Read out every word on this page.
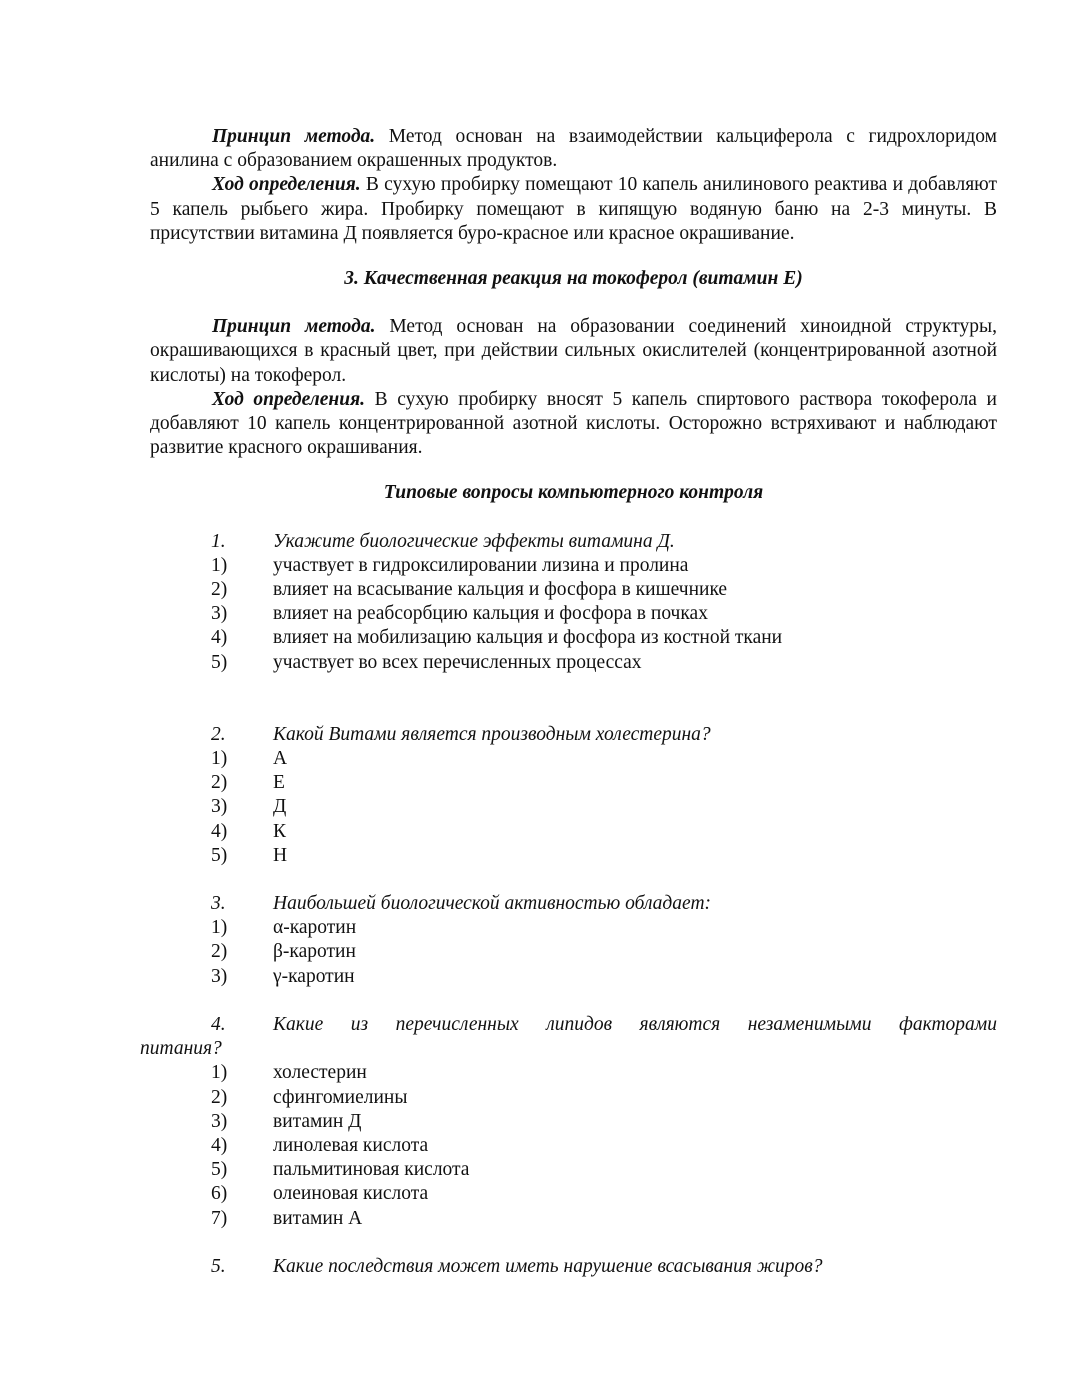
Принцип метода. Метод основан на взаимодействии кальциферола с гидрохлоридом анилина с образованием окрашенных продуктов.

Ход определения. В сухую пробирку помещают 10 капель анилинового реактива и добавляют 5 капель рыбьего жира. Пробирку помещают в кипящую водяную баню на 2-3 минуты. В присутствии витамина Д появляется буро-красное или красное окрашивание.

3. Качественная реакция на токоферол (витамин Е)

Принцип метода. Метод основан на образовании соединений хиноидной структуры, окрашивающихся в красный цвет, при действии сильных окислителей (концентрированной азотной кислоты) на токоферол.

Ход определения. В сухую пробирку вносят 5 капель спиртового раствора токоферола и добавляют 10 капель концентрированной азотной кислоты. Осторожно встряхивают и наблюдают развитие красного окрашивания.

Типовые вопросы компьютерного контроля

1.	Укажите биологические эффекты витамина Д.
1)	участвует в гидроксилировании лизина и пролина
2)	влияет на всасывание кальция и фосфора в кишечнике
3)	влияет на реабсорбцию кальция и фосфора в почках
4)	влияет на мобилизацию кальция и фосфора из костной ткани
5)	участвует во всех перечисленных процессах
2.	Какой Витами является производным холестерина?
1)	А
2)	Е
3)	Д
4)	К
5)	Н
3.	Наибольшей биологической активностью обладает:
1)	α-каротин
2)	β-каротин
3)	γ-каротин
4.	Какие из перечисленных липидов являются незаменимыми факторами
питания?
1)	холестерин
2)	сфингомиелины
3)	витамин Д
4)	линолевая кислота
5)	пальмитиновая кислота
6)	олеиновая кислота
7)	витамин А
5.	Какие последствия может иметь нарушение всасывания жиров?
